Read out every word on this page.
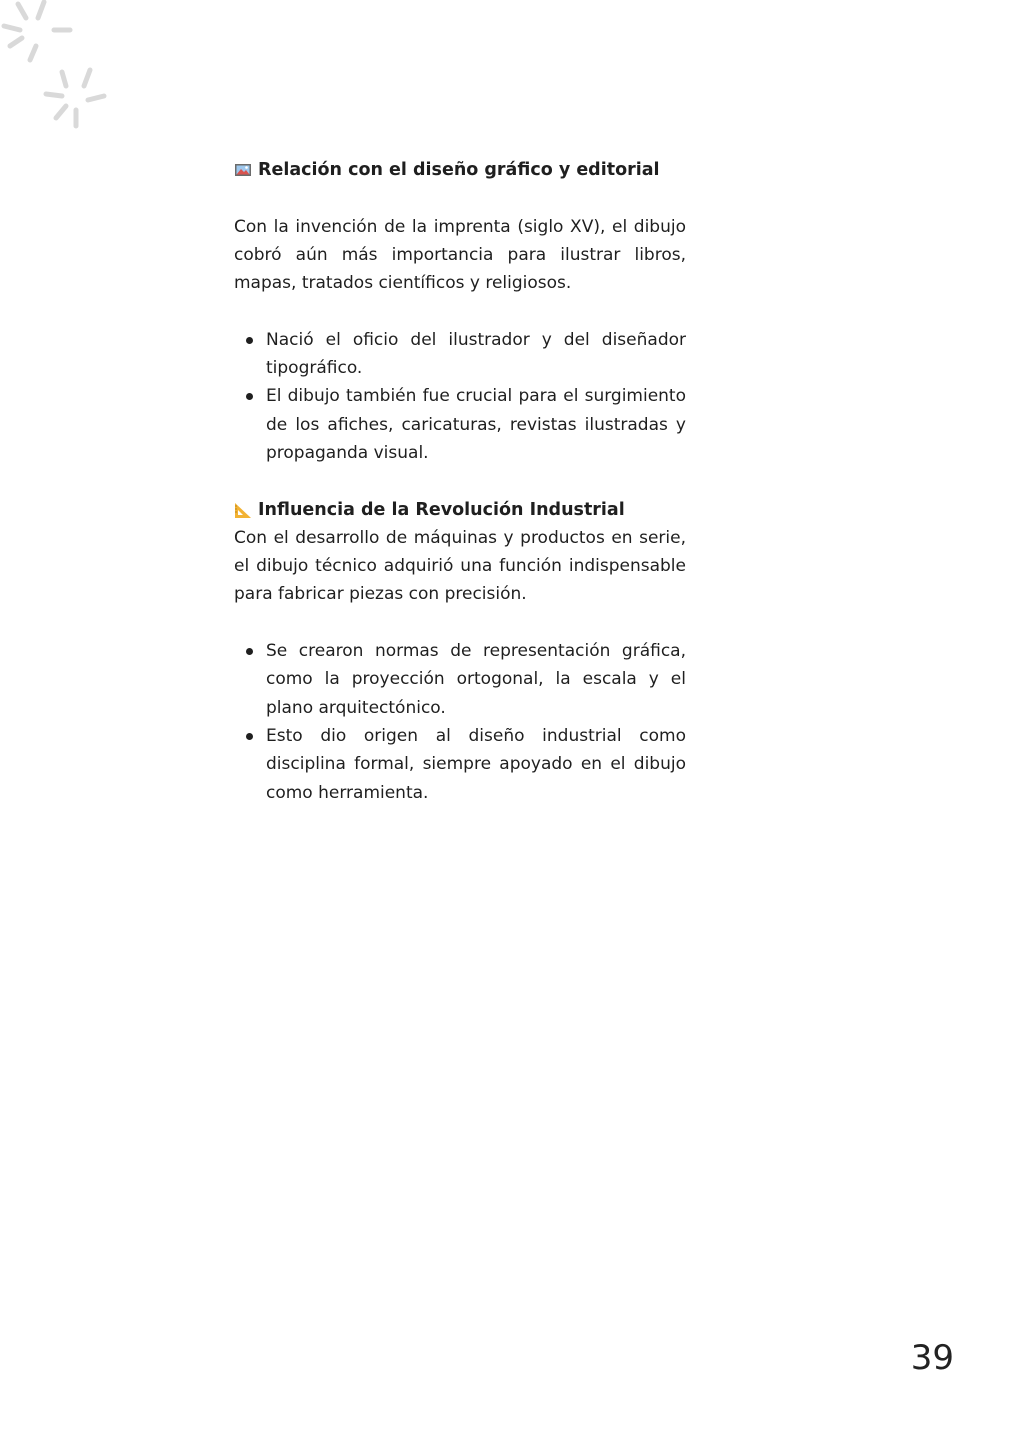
Relación con el diseño gráfico y editorial

Con la invención de la imprenta (siglo XV), el dibujo cobró aún más importancia para ilustrar libros, mapas, tratados científicos y religiosos.

Nació el oficio del ilustrador y del diseñador tipográfico.
El dibujo también fue crucial para el surgimiento de los afiches, caricaturas, revistas ilustradas y propaganda visual.
Influencia de la Revolución Industrial

Con el desarrollo de máquinas y productos en serie, el dibujo técnico adquirió una función indispensable para fabricar piezas con precisión.

Se crearon normas de representación gráfica, como la proyección ortogonal, la escala y el plano arquitectónico.
Esto dio origen al diseño industrial como disciplina formal, siempre apoyado en el dibujo como herramienta.
39
